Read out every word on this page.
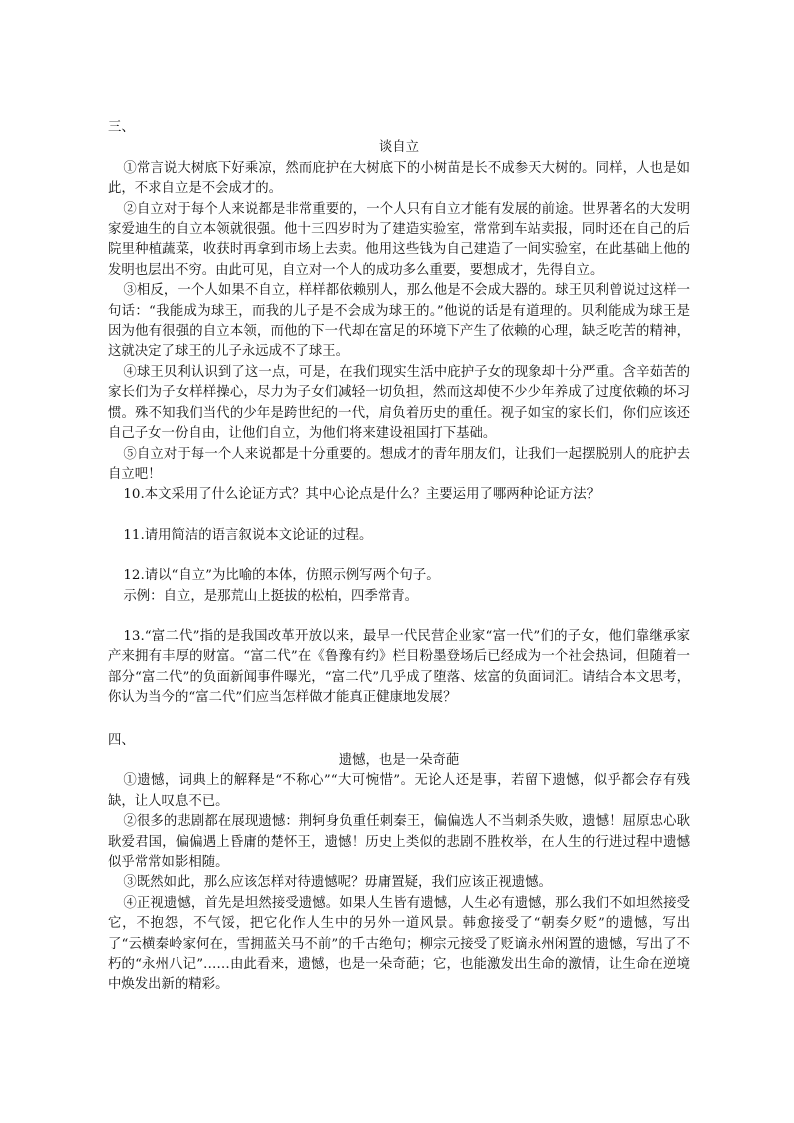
三、
谈自立

①常言说大树底下好乘凉，然而庇护在大树底下的小树苗是长不成参天大树的。同样，人也是如此，不求自立是不会成才的。

②自立对于每个人来说都是非常重要的，一个人只有自立才能有发展的前途。世界著名的大发明家爱迪生的自立本领就很强。他十三四岁时为了建造实验室，常常到车站卖报，同时还在自己的后院里种植蔬菜，收获时再拿到市场上去卖。他用这些钱为自己建造了一间实验室，在此基础上他的发明也层出不穷。由此可见，自立对一个人的成功多么重要，要想成才，先得自立。

③相反，一个人如果不自立，样样都依赖别人，那么他是不会成大器的。球王贝利曾说过这样一句话：“我能成为球王，而我的儿子是不会成为球王的。”他说的话是有道理的。贝利能成为球王是因为他有很强的自立本领，而他的下一代却在富足的环境下产生了依赖的心理，缺乏吃苦的精神，这就决定了球王的儿子永远成不了球王。

④球王贝利认识到了这一点，可是，在我们现实生活中庇护子女的现象却十分严重。含辛茹苦的家长们为子女样样操心，尽力为子女们减轻一切负担，然而这却使不少少年养成了过度依赖的坏习惯。殊不知我们当代的少年是跨世纪的一代，肩负着历史的重任。视子如宝的家长们，你们应该还自己子女一份自由，让他们自立，为他们将来建设祖国打下基础。

⑤自立对于每一个人来说都是十分重要的。想成才的青年朋友们，让我们一起摆脱别人的庇护去自立吧！

10.本文采用了什么论证方式？其中心论点是什么？主要运用了哪两种论证方法？
11.请用简洁的语言叙说本文论证的过程。
12.请以“自立”为比喻的本体，仿照示例写两个句子。
示例：自立，是那荒山上挺拔的松柏，四季常青。

13.“富二代”指的是我国改革开放以来，最早一代民营企业家“富一代”们的子女，他们靠继承家产来拥有丰厚的财富。“富二代”在《鲁豫有约》栏目粉墨登场后已经成为一个社会热词，但随着一部分“富二代”的负面新闻事件曝光，“富二代”几乎成了堕落、炫富的负面词汇。请结合本文思考，你认为当今的“富二代”们应当怎样做才能真正健康地发展？

四、
遗憾，也是一朵奇葩

①遗憾，词典上的解释是“不称心”“大可惋惜”。无论人还是事，若留下遗憾，似乎都会存有残缺，让人叹息不已。

②很多的悲剧都在展现遗憾：荆轲身负重任刺秦王，偏偏选人不当刺杀失败，遗憾！屈原忠心耿耿爱君国，偏偏遇上昏庸的楚怀王，遗憾！历史上类似的悲剧不胜枚举，在人生的行进过程中遗憾似乎常常如影相随。

③既然如此，那么应该怎样对待遗憾呢？毋庸置疑，我们应该正视遗憾。

④正视遗憾，首先是坦然接受遗憾。如果人生皆有遗憾，人生必有遗憾，那么我们不如坦然接受它，不抱怨，不气馁，把它化作人生中的另外一道风景。韩愈接受了“朝奏夕贬”的遗憾，写出了“云横秦岭家何在，雪拥蓝关马不前”的千古绝句；柳宗元接受了贬谪永州闲置的遗憾，写出了不朽的“永州八记”……由此看来，遗憾，也是一朵奇葩；它，也能激发出生命的激情，让生命在逆境中焕发出新的精彩。
